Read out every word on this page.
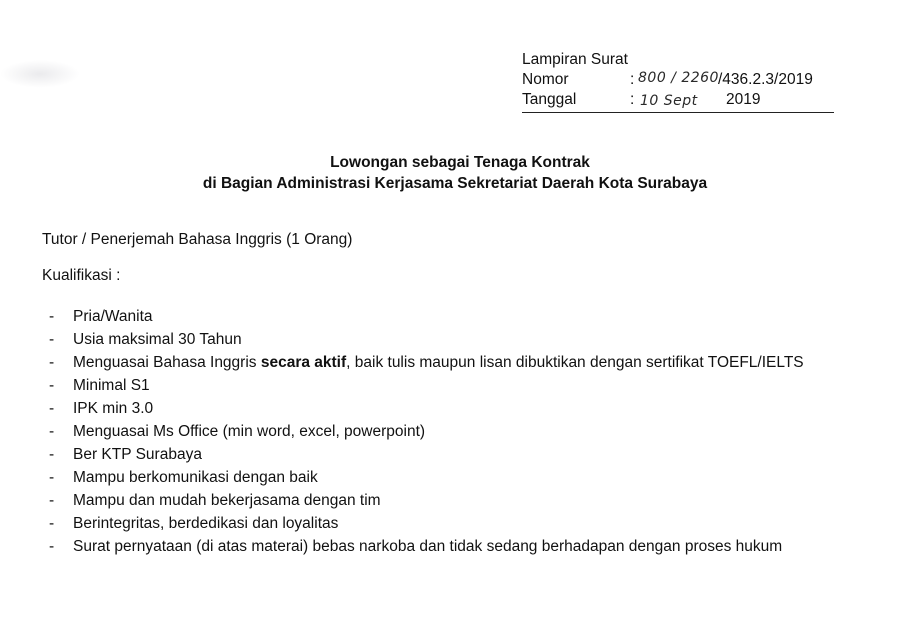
Lampiran Surat
Nomor	: 800 / 2260 /436.2.3/2019
Tanggal	: 10 Sept 2019
Lowongan sebagai Tenaga Kontrak
di Bagian Administrasi Kerjasama Sekretariat Daerah Kota Surabaya
Tutor / Penerjemah Bahasa Inggris (1 Orang)
Kualifikasi :
- Pria/Wanita
- Usia maksimal 30 Tahun
- Menguasai Bahasa Inggris secara aktif, baik tulis maupun lisan dibuktikan dengan sertifikat TOEFL/IELTS
- Minimal S1
- IPK min 3.0
- Menguasai Ms Office (min word, excel, powerpoint)
- Ber KTP Surabaya
- Mampu berkomunikasi dengan baik
- Mampu dan mudah bekerjasama dengan tim
- Berintegritas, berdedikasi dan loyalitas
- Surat pernyataan (di atas materai) bebas narkoba dan tidak sedang berhadapan dengan proses hukum
